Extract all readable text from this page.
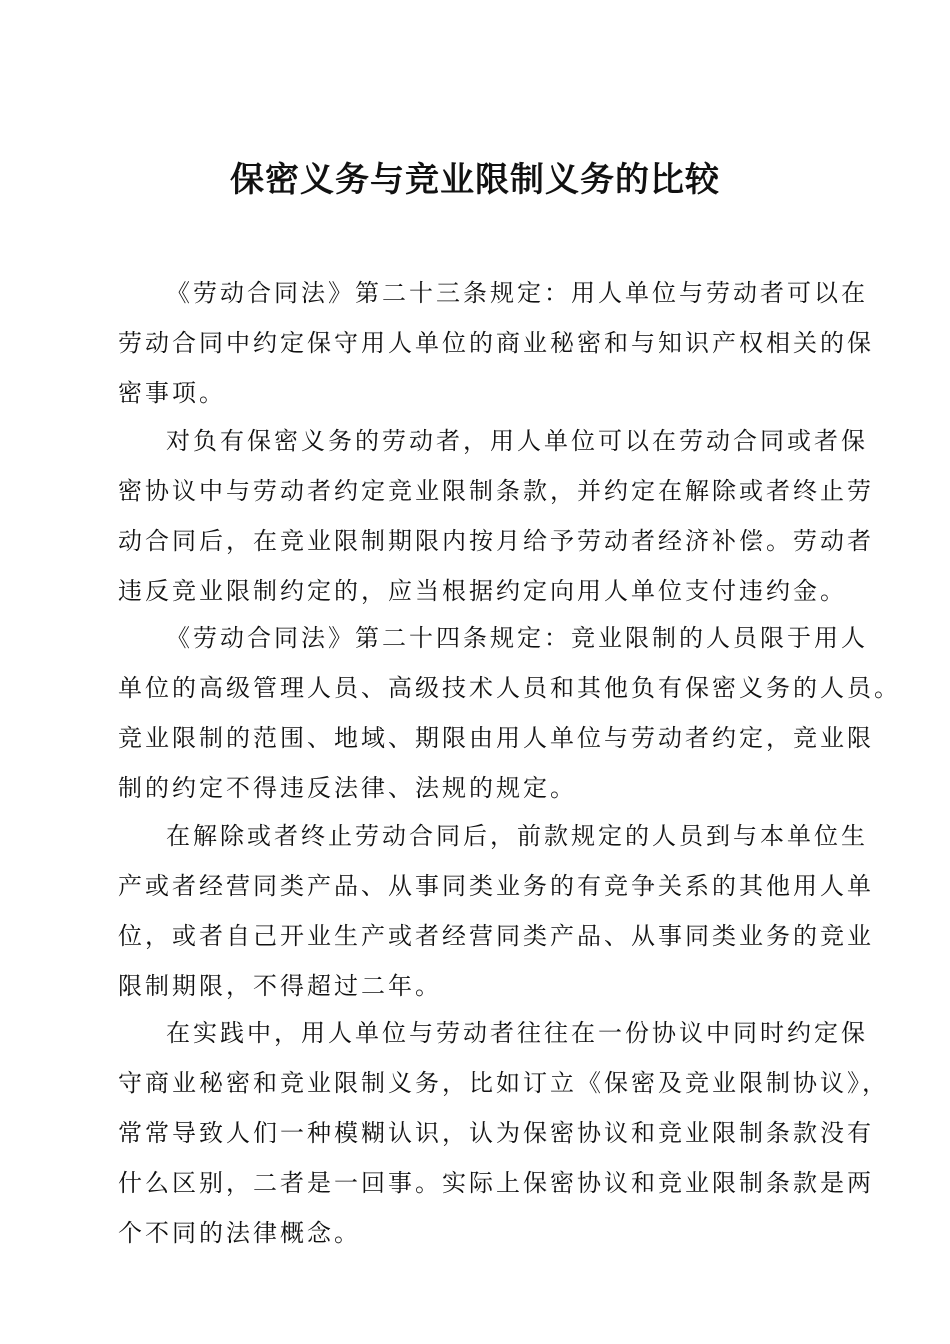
保密义务与竞业限制义务的比较
《劳动合同法》第二十三条规定：用人单位与劳动者可以在
劳动合同中约定保守用人单位的商业秘密和与知识产权相关的保
密事项。
对负有保密义务的劳动者，用人单位可以在劳动合同或者保
密协议中与劳动者约定竞业限制条款，并约定在解除或者终止劳
动合同后，在竞业限制期限内按月给予劳动者经济补偿。劳动者
违反竞业限制约定的，应当根据约定向用人单位支付违约金。
《劳动合同法》第二十四条规定：竞业限制的人员限于用人
单位的高级管理人员、高级技术人员和其他负有保密义务的人员。
竞业限制的范围、地域、期限由用人单位与劳动者约定，竞业限
制的约定不得违反法律、法规的规定。
在解除或者终止劳动合同后，前款规定的人员到与本单位生
产或者经营同类产品、从事同类业务的有竞争关系的其他用人单
位，或者自己开业生产或者经营同类产品、从事同类业务的竞业
限制期限，不得超过二年。
在实践中，用人单位与劳动者往往在一份协议中同时约定保
守商业秘密和竞业限制义务，比如订立《保密及竞业限制协议》，
常常导致人们一种模糊认识，认为保密协议和竞业限制条款没有
什么区别，二者是一回事。实际上保密协议和竞业限制条款是两
个不同的法律概念。
